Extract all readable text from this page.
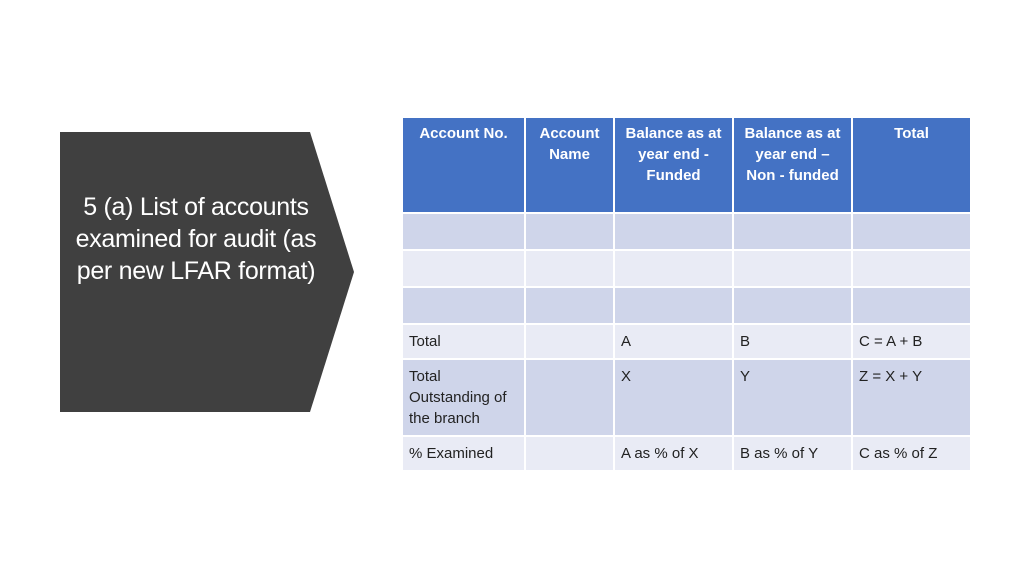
5 (a) List of accounts examined for audit (as per new LFAR format)
Account No.	Account Name	Balance as at year end - Funded	Balance as at year end – Non - funded	Total

Total		A	B	C = A + B
Total Outstanding of the branch		X	Y	Z = X + Y
% Examined		A as % of X	B as % of Y	C as % of Z
